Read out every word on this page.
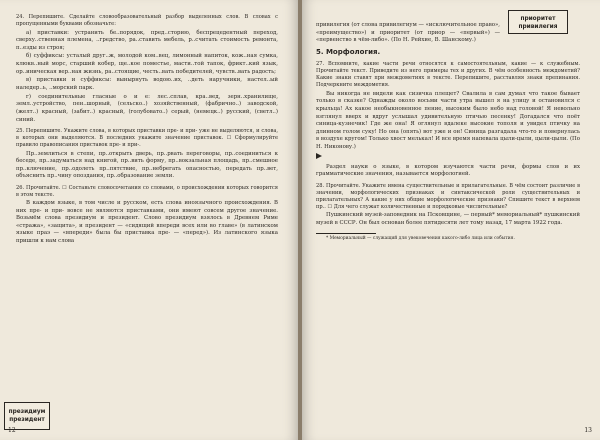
24. Перепишите. Сделайте словообразовательный разбор выделенных слов. В словах с пропущенными буквами обозначьте:

а) приставки: устранить бе..порядок, пред..сторию, беспрецедентный переход, сверху..ственная племена, ..гредство, ра..ставить мебель, р..считать стоимость ремонта, п..езды из строя;

б) суффиксы: усталый друг..ж, молодой ком..вец, лимонный напиток, кож..ная сумка, клюкв..ный морс, старший кобер, ще..кое поместье, масти..той тапок, фрикт..кий язык, ор..иническая вер..ная жизнь, ра..стоящие, честь..вать победителей, чувств..вать радость;

в) приставки и суффиксы: вынырнуть водою..их, ..деть наручники, настел..ый наледер..ь, ..морский парк.

г) соединительные гласные о и е: лес..сплав, кра..вед, зерн..хранилище, земл..устройство, пен..шорный, (сельско..) хозяйственный, (фабрично..) заводской, (желт..) красный, (забит..) красный, (голубовато..) серый, (немецк..) русский, (светл..) синий.

25. Перепишите. Укажите слова, в которых приставки пре- и при- уже не выделяются, и слова, в которых они выделяются. В последних укажите значение приставок. ☐ Сформулируйте правило правописания приставок пре- и при-.

Пр..землиться в степи, пр..открыть дверь, пр..рвать переговоры, пр..соединиться к беседе, пр..задуматься над книгой, пр..вить форму, пр..вокзальная площадь, пр..смешное пр..ключение, пр..одолеть пр..пятствие, пр..небрегать опасностью, передать пр..вет, объяснить пр..чину опоздания, пр..образование земли.

26. Прочитайте. ☐ Составьте словосочетания со словами, о происхождении которых говорится в этом тексте.

В каждом языке, в том числе и русском, есть слова иноязычного происхождения. В них пре- и при- вовсе не являются приставками, они имеют совсем другое значение. Возьмём слова президиум и президент. Слово президиум взялось в Древнем Риме «стража», «защита», и президент — «сидящий впереди всех или во главе» (в латинском языке праэ — «впереди» была бы приставка пре- — «перед»). Из латинского языка пришли к нам слова

президиум президент
12
приоритет привилегия

привилегия (от слова привилегиум — «исключительное право», «преимущество») и приоритет (от приор — «первый») — «первенство в чём-либо». (По Н. Рейхие, В. Шанскому.)

5. Морфология.

27. Вспомните, какие части речи относятся к самостоятельным, какие — к служебным. Прочитайте текст. Приведите из него примеры тех и других. В чём особенность междометий? Какие знаки ставят при междометиях в тексте. Перепишите, расставляя знаки препинания. Подчеркните междометия.

Вы никогда не видели как сизичка плещет? Свалила в сам думал что такое бывает только в сказке? Однажды около восьми части утра вышел я на улицу и остановился с крыльца! Ах какое необыкновенное пение, высоким было небо над головой! Я невольно взглянул вверх и вдруг услышал удивительную птичью песенку! Догадался что поёт синица-кузнечик! Где же она! Я оглянул вдалеке высокие тополя и увидел птичку на длинном голом суку! Но она (опять) вот уже и он! Синица разгадала что-то и повернулась в воздухе кругом! Только хвост мелькал! И все время напевала цыли-цыли, цыли-цыли. (По Н. Никонову.)

Раздел науки о языке, в котором изучаются части речи, формы слов и их грамматические значения, называется морфологией.

28. Прочитайте. Укажите имена существительные и прилагательные. В чём состоит различие в значении, морфологических признаках и синтаксической роли существительных и прилагательных? А какие у них общие морфологические признаки? Спишите текст в верхнем пр.. ☐ Для чего служат количественные и порядковые числительные?

Пушкинский музей-заповедник на Псковщине, — первый* мемориальный* пушкинский музей в СССР. Он был основан более пятидесяти лет тому назад, 17 марта 1922 года.

* Мемориальный — служащий для увековечения какого-либо лица или события.

13
